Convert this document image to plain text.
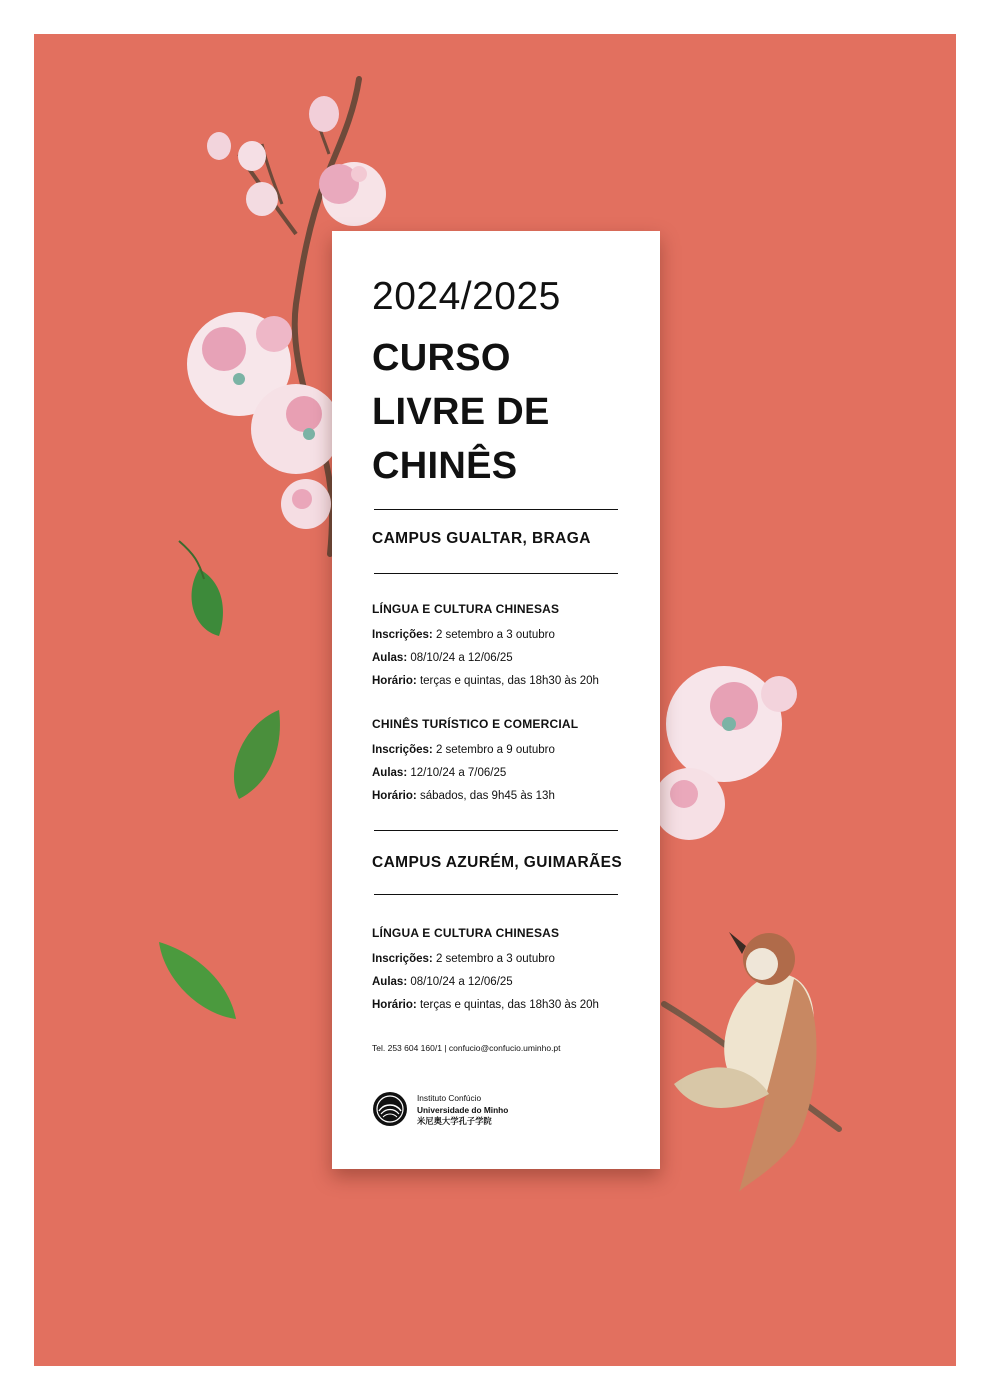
2024/2025
CURSO
LIVRE DE
CHINÊS
CAMPUS GUALTAR, BRAGA
LÍNGUA E CULTURA CHINESAS
Inscrições: 2 setembro a 3 outubro
Aulas: 08/10/24 a 12/06/25
Horário: terças e quintas, das 18h30 às 20h
CHINÊS TURÍSTICO E COMERCIAL
Inscrições: 2 setembro a 9 outubro
Aulas: 12/10/24 a 7/06/25
Horário: sábados, das 9h45 às 13h
CAMPUS AZURÉM, GUIMARÃES
LÍNGUA E CULTURA CHINESAS
Inscrições: 2 setembro a 3 outubro
Aulas: 08/10/24 a 12/06/25
Horário: terças e quintas, das 18h30 às 20h
Tel. 253 604 160/1 | confucio@confucio.uminho.pt
Instituto Confúcio
Universidade do Minho
米尼奥大学孔子学院
